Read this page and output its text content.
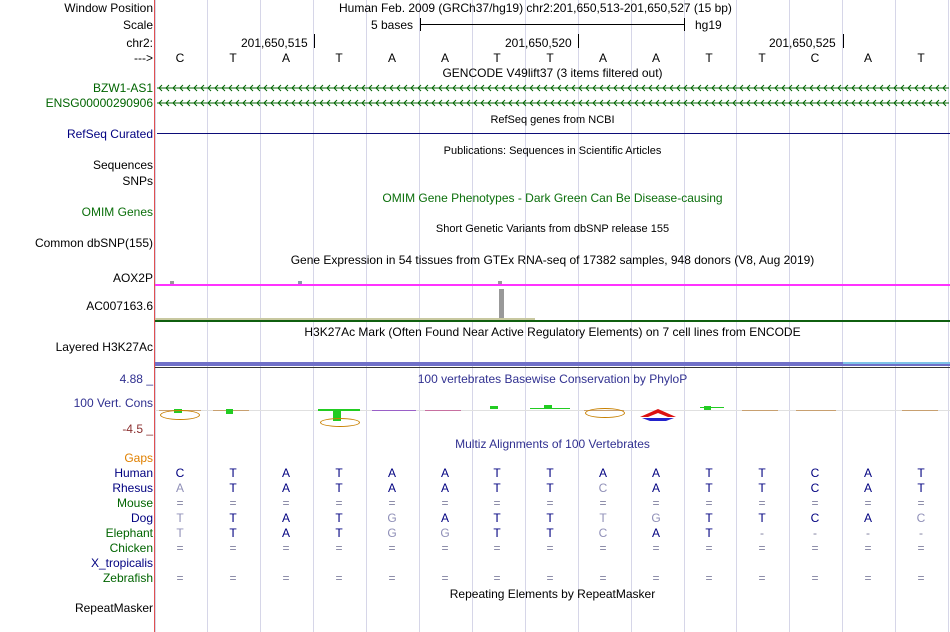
Window Position	Human Feb. 2009 (GRCh37/hg19) chr2:201,650,513-201,650,527 (15 bp)
Scale	5 bases	hg19
chr2:	201,650,515	201,650,520	201,650,525
--->	C	T	A	T	A	A	T	T	A	A	T	T	C	A	T
GENCODE V49lift37 (3 items filtered out)
BZW1-AS1
ENSG00000290906
RefSeq genes from NCBI
RefSeq Curated
Publications: Sequences in Scientific Articles
Sequences
SNPs
OMIM Gene Phenotypes - Dark Green Can Be Disease-causing
OMIM Genes
Short Genetic Variants from dbSNP release 155
Common dbSNP(155)
Gene Expression in 54 tissues from GTEx RNA-seq of 17382 samples, 948 donors (V8, Aug 2019)
AOX2P
AC007163.6
H3K27Ac Mark (Often Found Near Active Regulatory Elements) on 7 cell lines from ENCODE
Layered H3K27Ac
100 vertebrates Basewise Conservation by PhyloP
4.88 _
100 Vert. Cons
-4.5 _
Multiz Alignments of 100 Vertebrates
Gaps
Human	C	T	A	T	A	A	T	T	A	A	T	T	C	A	T
Rhesus	A	T	A	T	A	A	T	T	C	A	T	T	C	A	T
Mouse	=	=	=	=	=	=	=	=	=	=	=	=	=	=	=
Dog	T	T	A	T	G	A	T	T	T	G	T	T	C	A	C
Elephant	T	T	A	T	G	G	T	T	C	A	T	-	-	-	-
Chicken	=	=	=	=	=	=	=	=	=	=	=	=	=	=	=
X_tropicalis
Zebrafish	=	=	=	=	=	=	=	=	=	=	=	=	=	=	=
Repeating Elements by RepeatMasker
RepeatMasker
